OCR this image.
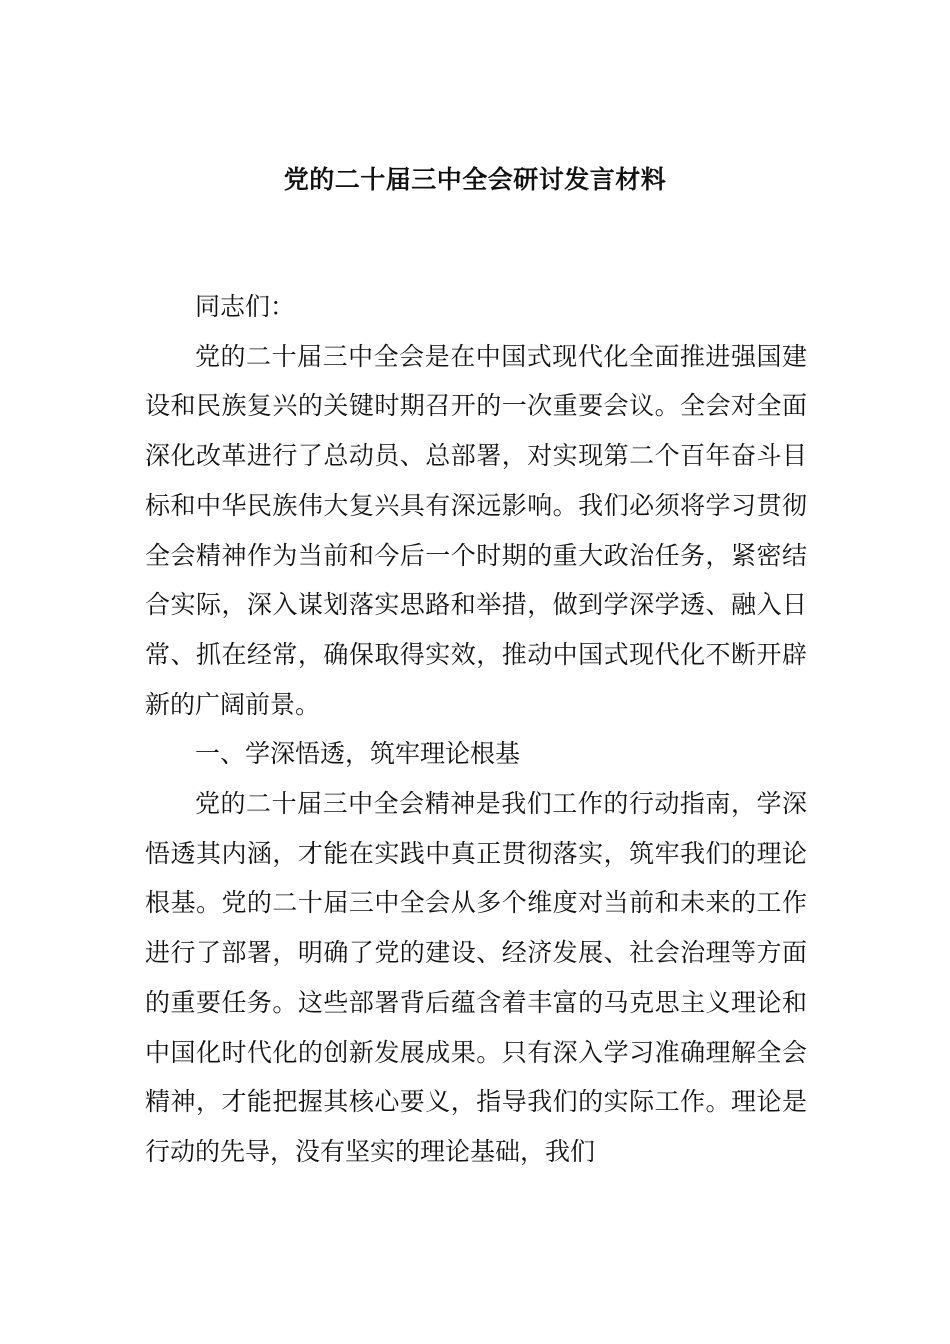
党的二十届三中全会研讨发言材料

同志们：

党的二十届三中全会是在中国式现代化全面推进强国建设和民族复兴的关键时期召开的一次重要会议。全会对全面深化改革进行了总动员、总部署，对实现第二个百年奋斗目标和中华民族伟大复兴具有深远影响。我们必须将学习贯彻全会精神作为当前和今后一个时期的重大政治任务，紧密结合实际，深入谋划落实思路和举措，做到学深学透、融入日常、抓在经常，确保取得实效，推动中国式现代化不断开辟新的广阔前景。

一、学深悟透，筑牢理论根基

党的二十届三中全会精神是我们工作的行动指南，学深悟透其内涵，才能在实践中真正贯彻落实，筑牢我们的理论根基。党的二十届三中全会从多个维度对当前和未来的工作进行了部署，明确了党的建设、经济发展、社会治理等方面的重要任务。这些部署背后蕴含着丰富的马克思主义理论和中国化时代化的创新发展成果。只有深入学习准确理解全会精神，才能把握其核心要义，指导我们的实际工作。理论是行动的先导，没有坚实的理论基础，我们
